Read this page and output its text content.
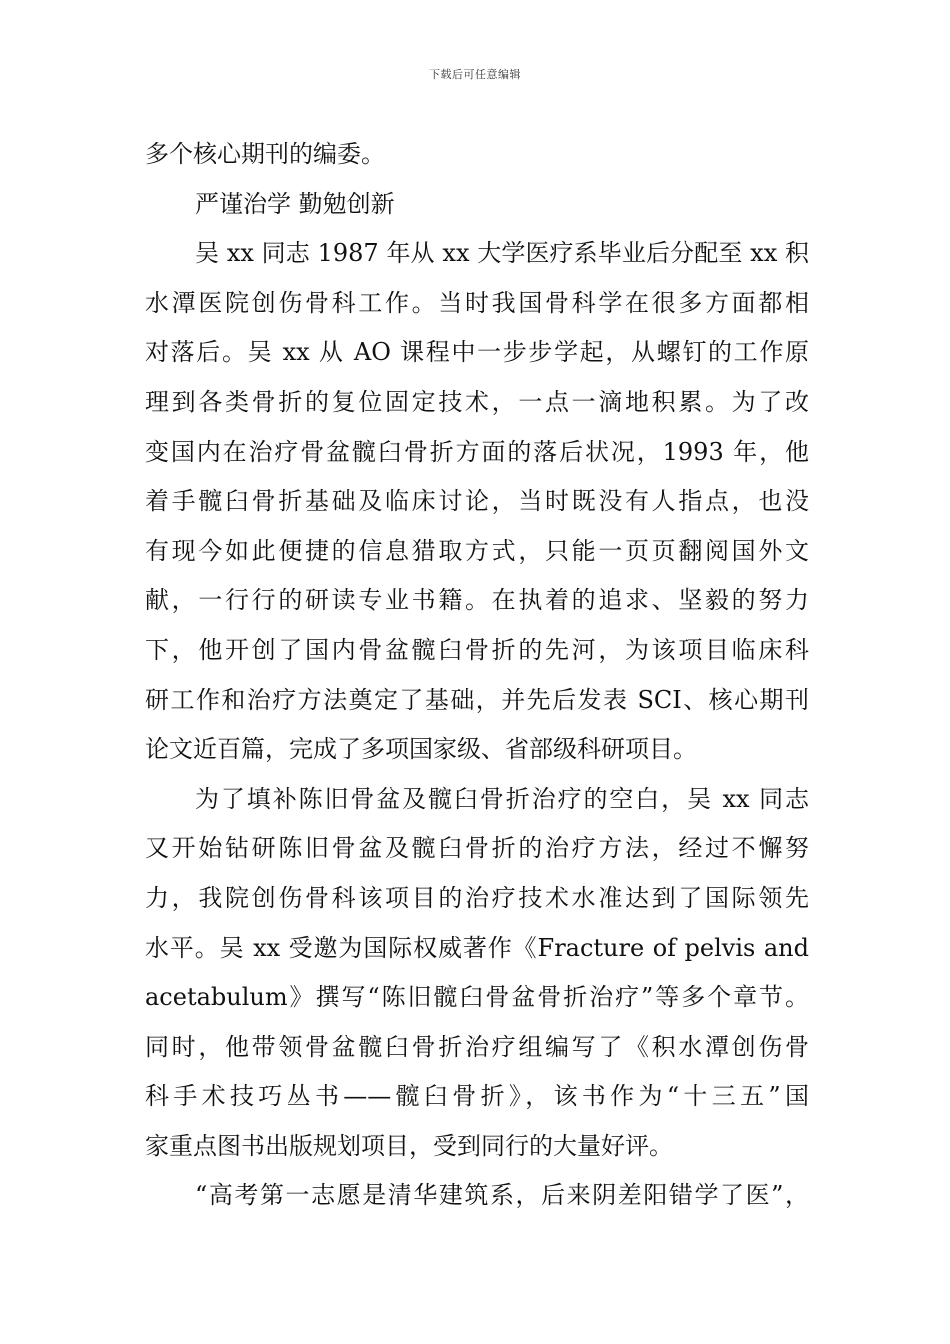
下载后可任意编辑
多个核心期刊的编委。
严谨治学 勤勉创新
吴 xx 同志 1987 年从 xx 大学医疗系毕业后分配至 xx 积
水潭医院创伤骨科工作。当时我国骨科学在很多方面都相
对落后。吴 xx 从 AO 课程中一步步学起，从螺钉的工作原
理到各类骨折的复位固定技术，一点一滴地积累。为了改
变国内在治疗骨盆髋臼骨折方面的落后状况，1993 年，他
着手髋臼骨折基础及临床讨论，当时既没有人指点，也没
有现今如此便捷的信息猎取方式，只能一页页翻阅国外文
献，一行行的研读专业书籍。在执着的追求、坚毅的努力
下，他开创了国内骨盆髋臼骨折的先河，为该项目临床科
研工作和治疗方法奠定了基础，并先后发表 SCI、核心期刊
论文近百篇，完成了多项国家级、省部级科研项目。
为了填补陈旧骨盆及髋臼骨折治疗的空白，吴 xx 同志
又开始钻研陈旧骨盆及髋臼骨折的治疗方法，经过不懈努
力，我院创伤骨科该项目的治疗技术水准达到了国际领先
水平。吴 xx 受邀为国际权威著作《Fracture of pelvis and
acetabulum》撰写“陈旧髋臼骨盆骨折治疗”等多个章节。
同时，他带领骨盆髋臼骨折治疗组编写了《积水潭创伤骨
科手术技巧丛书——髋臼骨折》，该书作为“十三五”国
家重点图书出版规划项目，受到同行的大量好评。
“高考第一志愿是清华建筑系，后来阴差阳错学了医”，
